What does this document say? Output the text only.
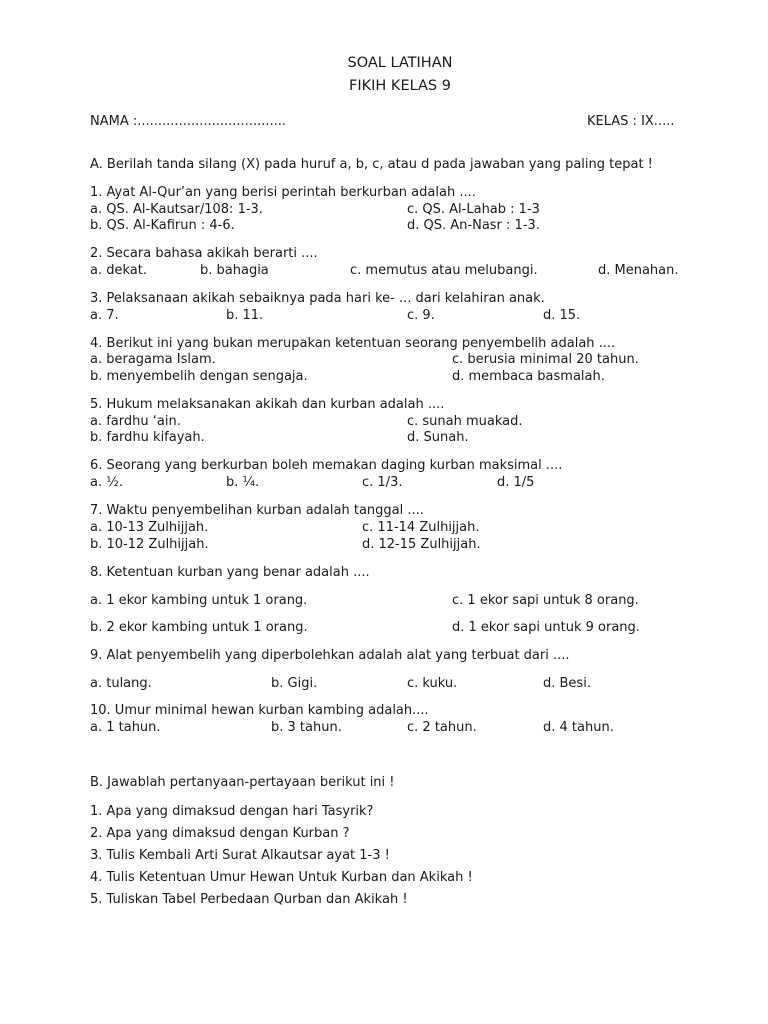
SOAL LATIHAN
FIKIH KELAS 9
NAMA :....................................	KELAS : IX.....
A. Berilah tanda silang (X) pada huruf a, b, c, atau d pada jawaban yang paling tepat !
1. Ayat Al-Qur’an yang berisi perintah berkurban adalah ....
a. QS. Al-Kautsar/108: 1-3.	c. QS. Al-Lahab : 1-3
b. QS. Al-Kafirun : 4-6.	d. QS. An-Nasr : 1-3.
2. Secara bahasa akikah berarti ....
a. dekat.	b. bahagia	c. memutus atau melubangi.	d. Menahan.
3. Pelaksanaan akikah sebaiknya pada hari ke- ... dari kelahiran anak.
a. 7.	b. 11.	c. 9.	d. 15.
4. Berikut ini yang bukan merupakan ketentuan seorang penyembelih adalah ....
a. beragama Islam.	c. berusia minimal 20 tahun.
b. menyembelih dengan sengaja.	d. membaca basmalah.
5. Hukum melaksanakan akikah dan kurban adalah ....
a. fardhu ‘ain.	c. sunah muakad.
b. fardhu kifayah.	d. Sunah.
6. Seorang yang berkurban boleh memakan daging kurban maksimal ....
a. ½.	b. ¼.	c. 1/3.	d. 1/5
7. Waktu penyembelihan kurban adalah tanggal ....
a. 10-13 Zulhijjah.	c. 11-14 Zulhijjah.
b. 10-12 Zulhijjah.	d. 12-15 Zulhijjah.
8. Ketentuan kurban yang benar adalah ....
a. 1 ekor kambing untuk 1 orang.	c. 1 ekor sapi untuk 8 orang.
b. 2 ekor kambing untuk 1 orang.	d. 1 ekor sapi untuk 9 orang.
9. Alat penyembelih yang diperbolehkan adalah alat yang terbuat dari ....
a. tulang.	b. Gigi.	c. kuku.	d. Besi.
10. Umur minimal hewan kurban kambing adalah....
a. 1 tahun.	b. 3 tahun.	c. 2 tahun.	d. 4 tahun.
B. Jawablah pertanyaan-pertayaan berikut ini !
1. Apa yang dimaksud dengan hari Tasyrik?
2. Apa yang dimaksud dengan Kurban ?
3. Tulis Kembali Arti Surat Alkautsar ayat 1-3 !
4. Tulis Ketentuan Umur Hewan Untuk Kurban dan Akikah !
5. Tuliskan Tabel Perbedaan Qurban dan Akikah !
